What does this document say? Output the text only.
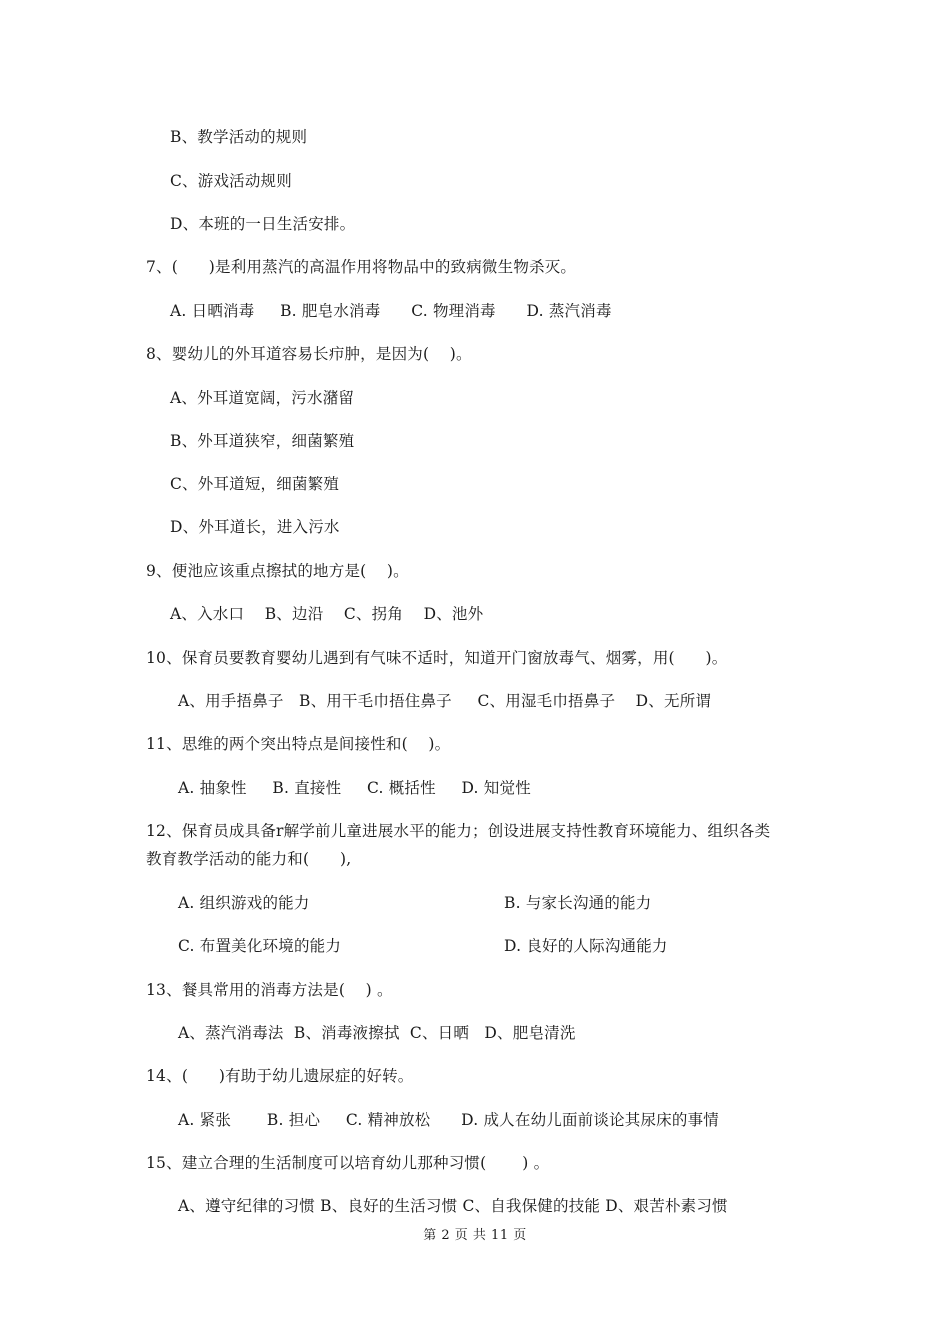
B、教学活动的规则
C、游戏活动规则
D、本班的一日生活安排。
7、(      )是利用蒸汽的高温作用将物品中的致病微生物杀灭。
A. 日晒消毒     B. 肥皂水消毒      C. 物理消毒      D. 蒸汽消毒
8、婴幼儿的外耳道容易长疖肿，是因为(    )。
A、外耳道宽阔，污水潴留
B、外耳道狭窄，细菌繁殖
C、外耳道短，细菌繁殖
D、外耳道长，进入污水
9、便池应该重点擦拭的地方是(    )。
A、入水口    B、边沿    C、拐角    D、池外
10、保育员要教育婴幼儿遇到有气味不适时，知道开门窗放毒气、烟雾，用(      )。
A、用手捂鼻子   B、用干毛巾捂住鼻子     C、用湿毛巾捂鼻子    D、无所谓
11、思维的两个突出特点是间接性和(    )。
A. 抽象性     B. 直接性     C. 概括性     D. 知觉性
12、保育员成具备r解学前儿童进展水平的能力；创设进展支持性教育环境能力、组织各类
教育教学活动的能力和(      ),
A. 组织游戏的能力	B. 与家长沟通的能力
C. 布置美化环境的能力	D. 良好的人际沟通能力
13、餐具常用的消毒方法是(    ) 。
A、蒸汽消毒法  B、消毒液擦拭  C、日晒   D、肥皂清洗
14、(      )有助于幼儿遗尿症的好转。
A. 紧张       B. 担心     C. 精神放松      D. 成人在幼儿面前谈论其尿床的事情
15、建立合理的生活制度可以培育幼儿那种习惯(       ) 。
A、遵守纪律的习惯 B、良好的生活习惯 C、自我保健的技能 D、艰苦朴素习惯
第 2 页 共 11 页
